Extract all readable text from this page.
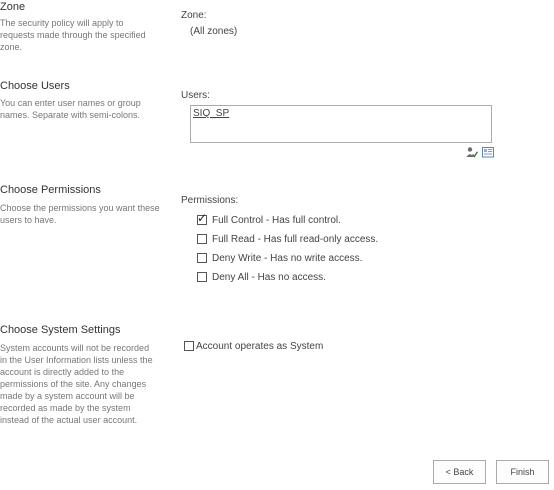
Zone
The security policy will apply to requests made through the specified zone.
Zone:
(All zones)
Choose Users
You can enter user names or group names. Separate with semi-colons.
Users:
SIQ_SP
Choose Permissions
Choose the permissions you want these users to have.
Permissions:
✓ Full Control - Has full control.
Full Read - Has full read-only access.
Deny Write - Has no write access.
Deny All - Has no access.
Choose System Settings
System accounts will not be recorded in the User Information lists unless the account is directly added to the permissions of the site. Any changes made by a system account will be recorded as made by the system instead of the actual user account.
Account operates as System
< Back	Finish
